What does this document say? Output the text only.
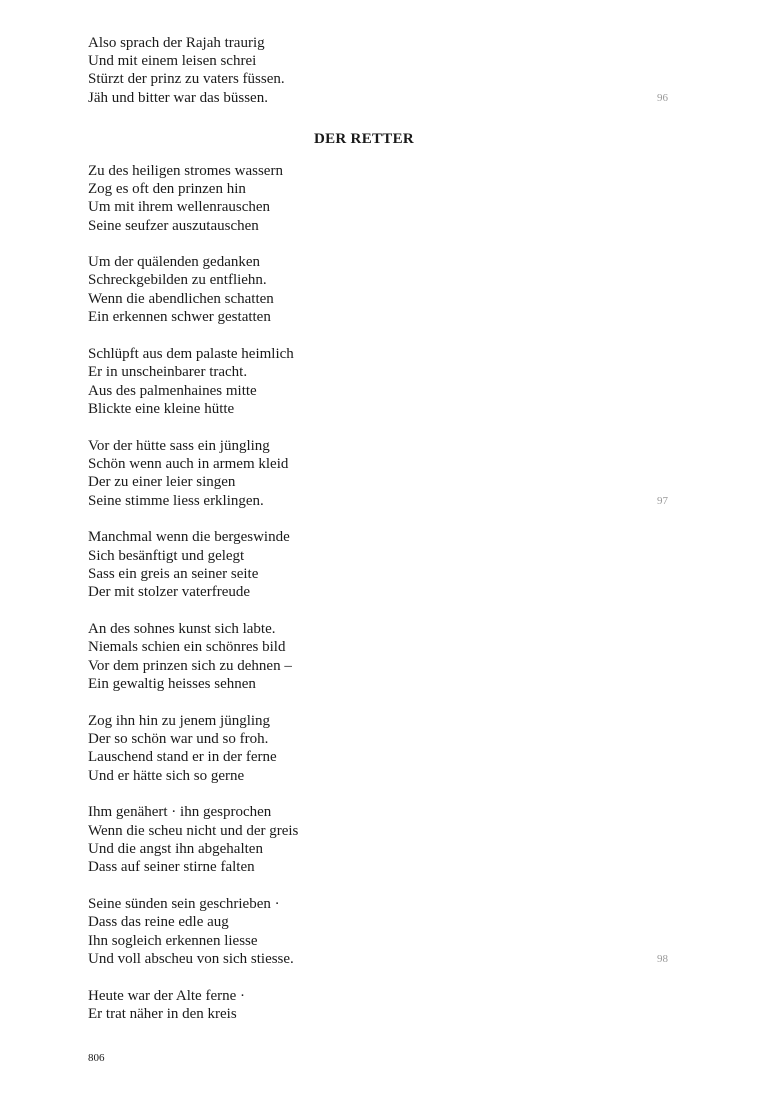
Also sprach der Rajah traurig
Und mit einem leisen schrei
Stürzt der prinz zu vaters füssen.
Jäh und bitter war das büssen.	96
DER RETTER
Zu des heiligen stromes wassern
Zog es oft den prinzen hin
Um mit ihrem wellenrauschen
Seine seufzer auszutauschen
Um der quälenden gedanken
Schreckgebilden zu entfliehn.
Wenn die abendlichen schatten
Ein erkennen schwer gestatten
Schlüpft aus dem palaste heimlich
Er in unscheinbarer tracht.
Aus des palmenhaines mitte
Blickte eine kleine hütte
Vor der hütte sass ein jüngling
Schön wenn auch in armem kleid
Der zu einer leier singen
Seine stimme liess erklingen.	97
Manchmal wenn die bergeswinde
Sich besänftigt und gelegt
Sass ein greis an seiner seite
Der mit stolzer vaterfreude
An des sohnes kunst sich labte.
Niemals schien ein schönres bild
Vor dem prinzen sich zu dehnen –
Ein gewaltig heisses sehnen
Zog ihn hin zu jenem jüngling
Der so schön war und so froh.
Lauschend stand er in der ferne
Und er hätte sich so gerne
Ihm genähert · ihn gesprochen
Wenn die scheu nicht und der greis
Und die angst ihn abgehalten
Dass auf seiner stirne falten
Seine sünden sein geschrieben ·
Dass das reine edle aug
Ihn sogleich erkennen liesse
Und voll abscheu von sich stiesse.	98
Heute war der Alte ferne ·
Er trat näher in den kreis
806
